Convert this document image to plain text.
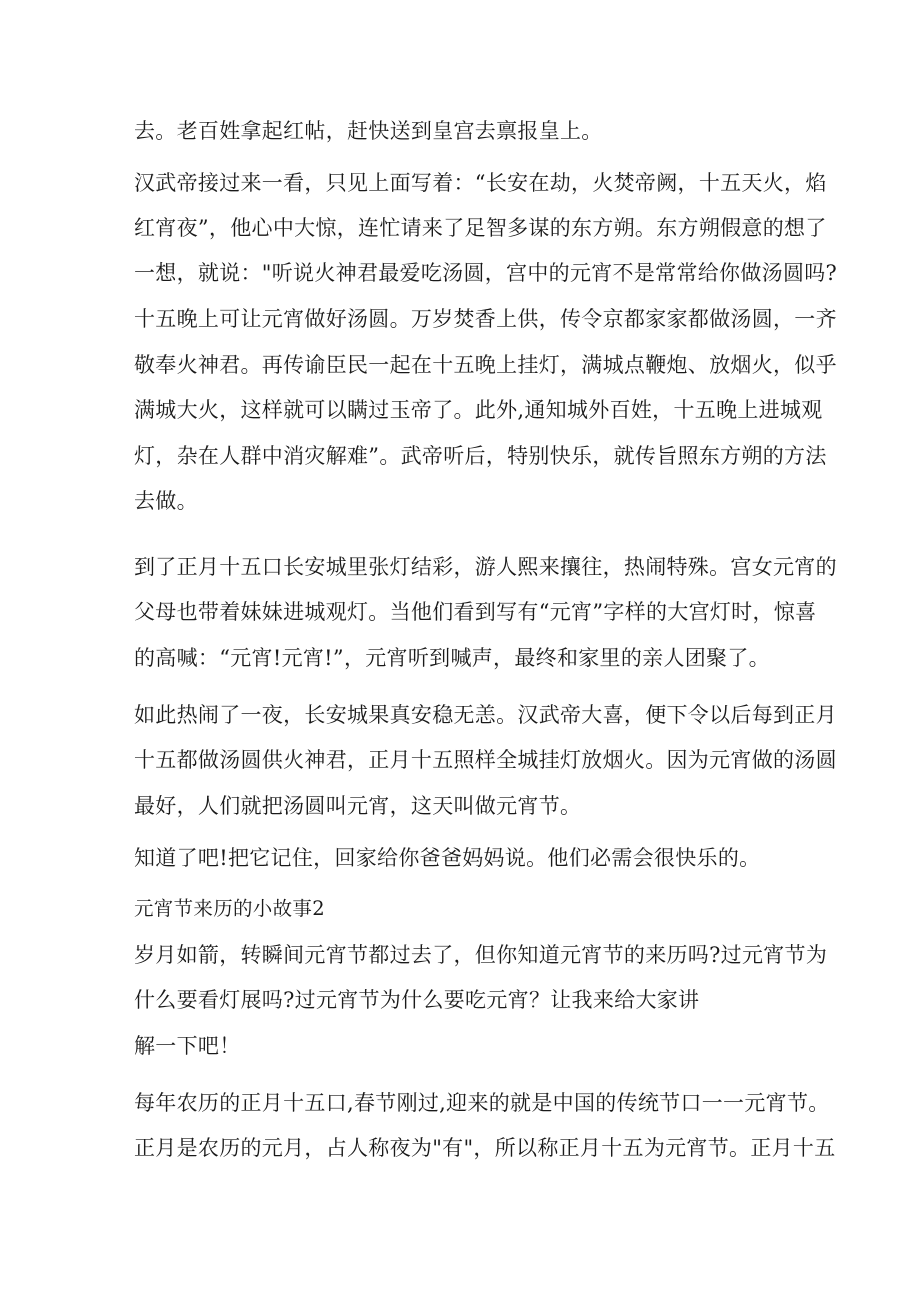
去。老百姓拿起红帖，赶快送到皇宫去禀报皇上。
汉武帝接过来一看，只见上面写着：“长安在劫，火焚帝阙，十五天火，焰
红宵夜”，他心中大惊，连忙请来了足智多谋的东方朔。东方朔假意的想了
一想，就说："听说火神君最爱吃汤圆，宫中的元宵不是常常给你做汤圆吗?
十五晚上可让元宵做好汤圆。万岁焚香上供，传令京都家家都做汤圆，一齐
敬奉火神君。再传谕臣民一起在十五晚上挂灯，满城点鞭炮、放烟火，似乎
满城大火，这样就可以瞒过玉帝了。此外,通知城外百姓，十五晚上进城观
灯，杂在人群中消灾解难”。武帝听后，特别快乐，就传旨照东方朔的方法
去做。
到了正月十五口长安城里张灯结彩，游人熙来攘往，热闹特殊。宫女元宵的
父母也带着妹妹进城观灯。当他们看到写有“元宵”字样的大宫灯时，惊喜
的高喊：“元宵!元宵!”，元宵听到喊声，最终和家里的亲人团聚了。
如此热闹了一夜，长安城果真安稳无恙。汉武帝大喜，便下令以后每到正月
十五都做汤圆供火神君，正月十五照样全城挂灯放烟火。因为元宵做的汤圆
最好，人们就把汤圆叫元宵，这天叫做元宵节。
知道了吧!把它记住，回家给你爸爸妈妈说。他们必需会很快乐的。
元宵节来历的小故事2
岁月如箭，转瞬间元宵节都过去了，但你知道元宵节的来历吗?过元宵节为
什么要看灯展吗?过元宵节为什么要吃元宵？让我来给大家讲
解一下吧！
每年农历的正月十五口,春节刚过,迎来的就是中国的传统节口一一元宵节。
正月是农历的元月，占人称夜为"有"，所以称正月十五为元宵节。正月十五
